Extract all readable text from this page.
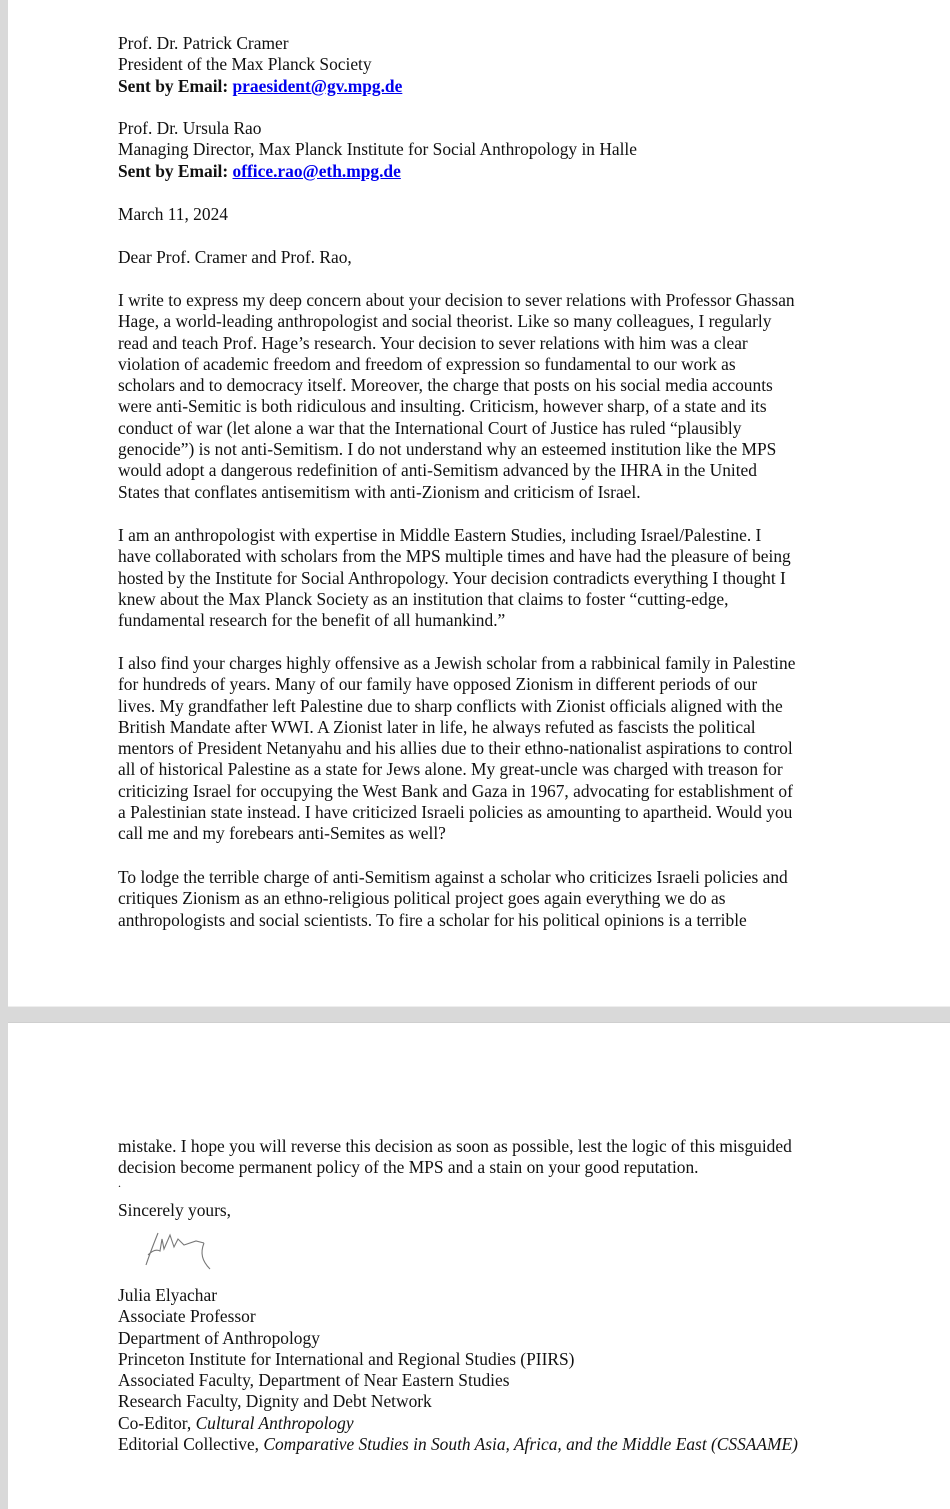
Prof. Dr. Patrick Cramer
President of the Max Planck Society
Sent by Email: praesident@gv.mpg.de
Prof. Dr. Ursula Rao
Managing Director, Max Planck Institute for Social Anthropology in Halle
Sent by Email: office.rao@eth.mpg.de
March 11, 2024
Dear Prof. Cramer and Prof. Rao,
I write to express my deep concern about your decision to sever relations with Professor Ghassan
Hage, a world-leading anthropologist and social theorist. Like so many colleagues, I regularly
read and teach Prof. Hage’s research. Your decision to sever relations with him was a clear
violation of academic freedom and freedom of expression so fundamental to our work as
scholars and to democracy itself. Moreover, the charge that posts on his social media accounts
were anti-Semitic is both ridiculous and insulting. Criticism, however sharp, of a state and its
conduct of war (let alone a war that the International Court of Justice has ruled “plausibly
genocide”) is not anti-Semitism. I do not understand why an esteemed institution like the MPS
would adopt a dangerous redefinition of anti-Semitism advanced by the IHRA in the United
States that conflates antisemitism with anti-Zionism and criticism of Israel.
I am an anthropologist with expertise in Middle Eastern Studies, including Israel/Palestine. I
have collaborated with scholars from the MPS multiple times and have had the pleasure of being
hosted by the Institute for Social Anthropology. Your decision contradicts everything I thought I
knew about the Max Planck Society as an institution that claims to foster “cutting-edge,
fundamental research for the benefit of all humankind.”
I also find your charges highly offensive as a Jewish scholar from a rabbinical family in Palestine
for hundreds of years. Many of our family have opposed Zionism in different periods of our
lives. My grandfather left Palestine due to sharp conflicts with Zionist officials aligned with the
British Mandate after WWI. A Zionist later in life, he always refuted as fascists the political
mentors of President Netanyahu and his allies due to their ethno-nationalist aspirations to control
all of historical Palestine as a state for Jews alone. My great-uncle was charged with treason for
criticizing Israel for occupying the West Bank and Gaza in 1967, advocating for establishment of
a Palestinian state instead. I have criticized Israeli policies as amounting to apartheid. Would you
call me and my forebears anti-Semites as well?
To lodge the terrible charge of anti-Semitism against a scholar who criticizes Israeli policies and
critiques Zionism as an ethno-religious political project goes again everything we do as
anthropologists and social scientists. To fire a scholar for his political opinions is a terrible
mistake. I hope you will reverse this decision as soon as possible, lest the logic of this misguided
decision become permanent policy of the MPS and a stain on your good reputation.
.
Sincerely yours,
Julia Elyachar
Associate Professor
Department of Anthropology
Princeton Institute for International and Regional Studies (PIIRS)
Associated Faculty, Department of Near Eastern Studies
Research Faculty, Dignity and Debt Network
Co-Editor, Cultural Anthropology
Editorial Collective, Comparative Studies in South Asia, Africa, and the Middle East (CSSAAME)
